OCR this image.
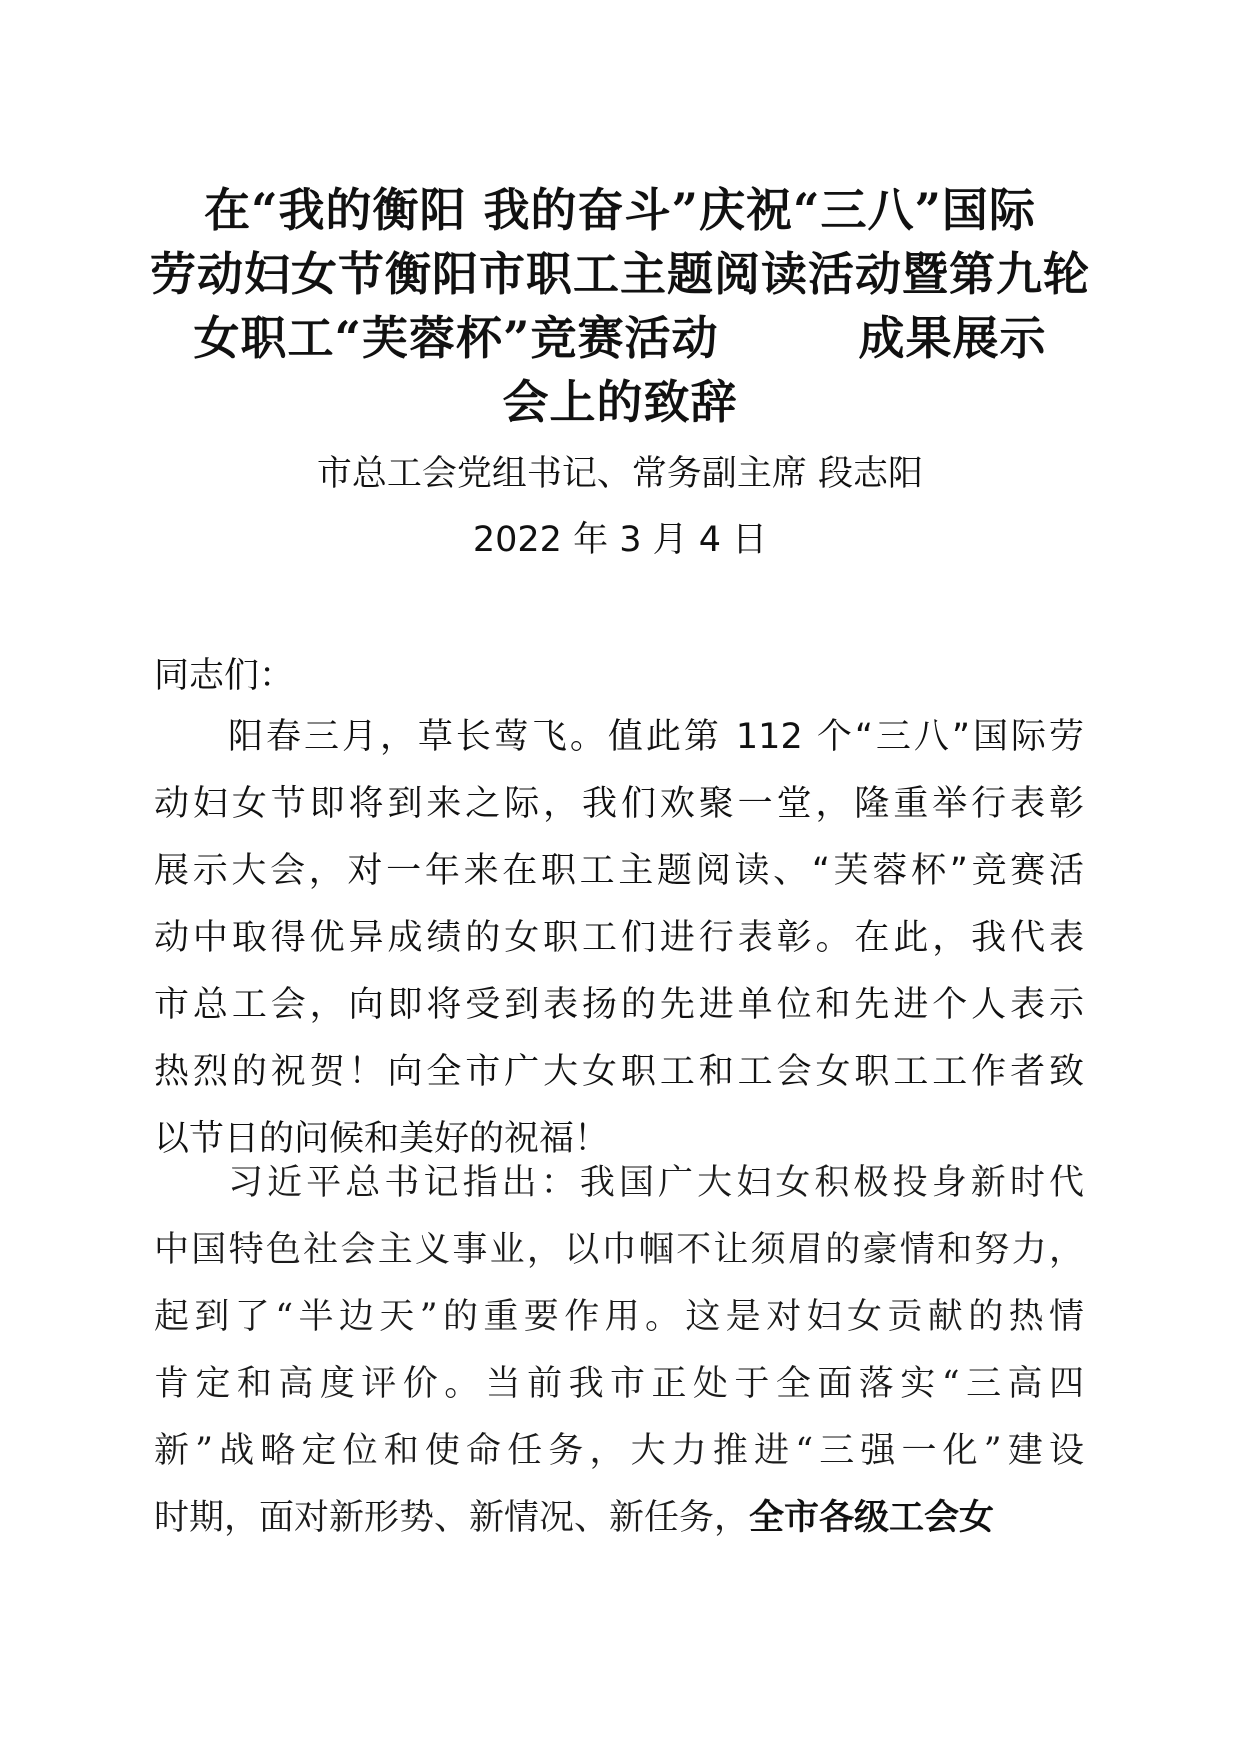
在“我的衡阳 我的奋斗”庆祝“三八”国际
劳动妇女节衡阳市职工主题阅读活动暨第九轮
女职工“芙蓉杯”竞赛活动	成果展示
会上的致辞
市总工会党组书记、常务副主席 段志阳
2022 年 3 月 4 日
同志们：
阳春三月，草长莺飞。值此第 112 个“三八”国际劳
动妇女节即将到来之际，我们欢聚一堂，隆重举行表彰
展示大会，对一年来在职工主题阅读、“芙蓉杯”竞赛活
动中取得优异成绩的女职工们进行表彰。在此，我代表
市总工会，向即将受到表扬的先进单位和先进个人表示
热烈的祝贺！向全市广大女职工和工会女职工工作者致
以节日的问候和美好的祝福！
习近平总书记指出：我国广大妇女积极投身新时代
中国特色社会主义事业，以巾帼不让须眉的豪情和努力，
起到了“半边天”的重要作用。这是对妇女贡献的热情
肯定和高度评价。当前我市正处于全面落实“三高四
新”战略定位和使命任务，大力推进“三强一化”建设
时期，面对新形势、新情况、新任务，全市各级工会女
